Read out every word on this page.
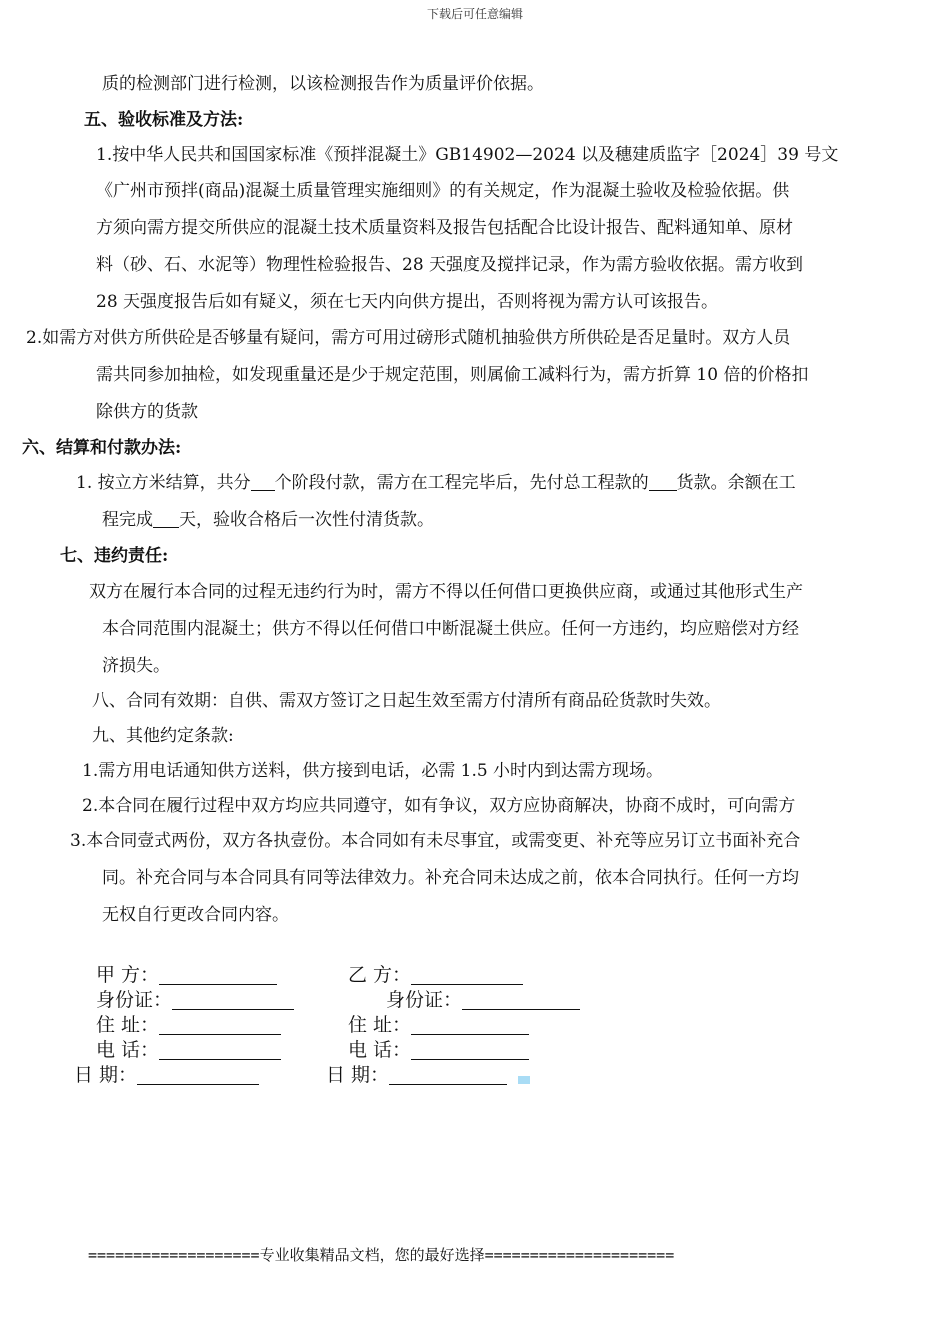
下载后可任意编辑
质的检测部门进行检测，以该检测报告作为质量评价依据。
五、验收标准及方法:
1.按中华人民共和国国家标准《预拌混凝土》GB14902—2024 以及穗建质监字［2024］39 号文
《广州市预拌(商品)混凝土质量管理实施细则》的有关规定，作为混凝土验收及检验依据。供
方须向需方提交所供应的混凝土技术质量资料及报告包括配合比设计报告、配料通知单、原材
料（砂、石、水泥等）物理性检验报告、28 天强度及搅拌记录，作为需方验收依据。需方收到
28 天强度报告后如有疑义，须在七天内向供方提出，否则将视为需方认可该报告。
2.如需方对供方所供砼是否够量有疑问，需方可用过磅形式随机抽验供方所供砼是否足量时。双方人员
需共同参加抽检，如发现重量还是少于规定范围，则属偷工减料行为，需方折算 10 倍的价格扣
除供方的货款
六、结算和付款办法:
1. 按立方米结算，共分 个阶段付款，需方在工程完毕后，先付总工程款的 货款。余额在工
程完成 天，验收合格后一次性付清货款。
七、违约责任:
双方在履行本合同的过程无违约行为时，需方不得以任何借口更换供应商，或通过其他形式生产
本合同范围内混凝土；供方不得以任何借口中断混凝土供应。任何一方违约，均应赔偿对方经
济损失。
八、合同有效期：自供、需双方签订之日起生效至需方付清所有商品砼货款时失效。
九、其他约定条款:
1.需方用电话通知供方送料，供方接到电话，必需 1.5 小时内到达需方现场。
2.本合同在履行过程中双方均应共同遵守，如有争议，双方应协商解决，协商不成时，可向需方
3.本合同壹式两份，双方各执壹份。本合同如有未尽事宜，或需变更、补充等应另订立书面补充合
同。补充合同与本合同具有同等法律效力。补充合同未达成之前，依本合同执行。任何一方均
无权自行更改合同内容。
甲 方：	乙 方：
身份证：	身份证：
住 址：	住 址：
电 话：	电 话：
日 期：	日 期：
===================专业收集精品文档，您的最好选择=====================
